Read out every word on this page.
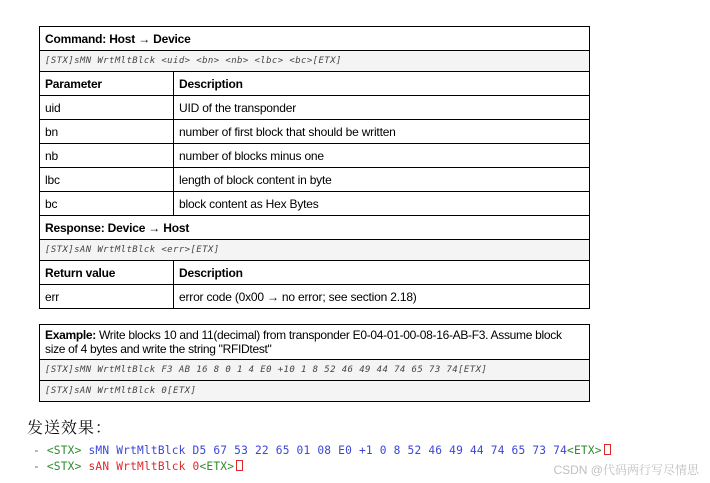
Command: Host → Device	
[STX]sMN WrtMltBlck <uid> <bn> <nb> <lbc> <bc>[ETX]	
Parameter	Description
uid	UID of the transponder
bn	number of first block that should be written
nb	number of blocks minus one
lbc	length of block content in byte
bc	block content as Hex Bytes
Response: Device → Host	
[STX]sAN WrtMltBlck <err>[ETX]	
Return value	Description
err	error code (0x00 → no error; see section 2.18)
Example: Write blocks 10 and 11(decimal) from transponder E0-04-01-00-08-16-AB-F3. Assume block size of 4 bytes and write the string "RFIDtest"
[STX]sMN WrtMltBlck F3 AB 16 8 0 1 4 E0 +10 1 8 52 46 49 44 74 65 73 74[ETX]
[STX]sAN WrtMltBlck 0[ETX]
发送效果：
- <STX> sMN WrtMltBlck D5 67 53 22 65 01 08 E0 +1 0 8 52 46 49 44 74 65 73 74<ETX>
- <STX> sAN WrtMltBlck 0<ETX>	CSDN @代码两行写尽情思
